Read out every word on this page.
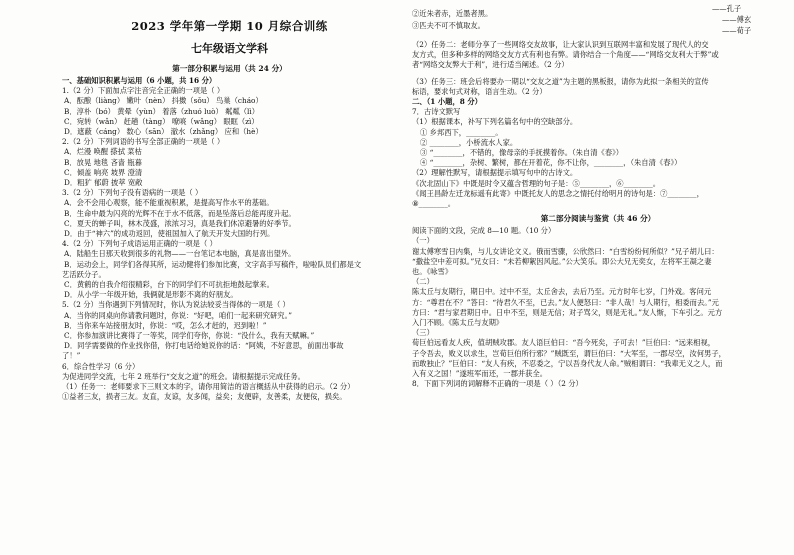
2023 学年第一学期 10 月综合训练
七年级语文学科
第一部分积累与运用（共 24 分）
一、基础知识积累与运用（6 小题，共 16 分）
1.（2 分）下面加点字注音完全正确的一项是（ ）
A．酝酿（liàng） 嫩叶（nèn） 抖擞（sǒu） 鸟巢（cháo）
B．淳朴（bó） 黄晕（yùn） 着落（zhuó luò） 粼粼（lì）
C．宛转（wǎn） 赶趟（tàng） 嘹喨（wǎng） 眼眶（zì）
D．遮蔽（cáng） 数心（sān） 澈水（zhǎng） 应和（hè）
2.（2 分）下列词语的书写全部正确的一项是（ ）
A．烂漫 唤醒 搽拭 菜枯
B．放晃 地毯 吝啬 瓶暮
C．倾盖 响亮 坡界 澄清
D．粗犷 郁蔚 披萃 宽敞
3.（2 分）下列句子没有语病的一项是（ ）
A．会不会用心观察，能不能重视积累，是提高写作水平的基础。
B．生命中最为闪亮的光辉不在于水不低落，而是坠落后总能再度升起。
C．夏天的蝉子叫，林木茂盛，浓浓习习，真是我们休凉避暑的好季节。
D．由于“神六”的成功返回，使祖国加入了航天开发大国的行列。
4.（2 分）下列句子成语运用正确的一项是（ ）
A．陆船生日那天收到很多的礼物——一台笔记本电脑，真是喜出望外。
B．运动会上，同学们各得其所，运动健将们参加比赛，文字高手写稿件，啦啦队员们都是文
艺活跃分子。
C．黄鹤的自我介绍很精彩，台下的同学们不可抗拒地鼓起掌来。
D．从小学一年级开始，我俩就是形影不离的好朋友。
5.（2 分）当你遇到下列情况时，你认为说法较妥当得体的一项是（ ）
A．当你的同桌向你请教问题时，你说：“好吧，咱们一起来研究研究。”
B．当你来车站接朋友时，你说：“哎，怎么才赶的，迟到啦！”
C．你参加演讲比赛得了一等奖，同学们夸你，你说：“没什么，我有天赋嘛。”
D．同学需要做的作业找你借，你打电话给她说你的话：“阿姨，不好意思，前面出事故
了！”
6．综合性学习（6 分）
为促进同学交流，七年 2 班举行“交友之道”的班会。请根据提示完成任务。
（1）任务一：老师要求下三则文本的字，请你用简洁的语言概括从中获得的启示。（2 分）
①益者三友，损者三友。友直，友谅，友多闻，益矣；友便辟，友善柔，友便佞，损矣。
②近朱者赤，近墨者黑。
③匹夫不可不慎取友。
——孔子
——傅玄
——荀子
（2）任务二：老师分享了一些网络交友故事，让大家认识到互联网丰富和发展了现代人的交
友方式，但多种多样的网络交友方式有利也有弊。请你结合一个角度——“网络交友利大于弊”或
者“网络交友弊大于利”，进行适当阐述。（2 分）
（3）任务三：班会后将要办一期以“交友之道”为主题的黑板报，请你为此拟一条相关的宣传
标语，要求句式对称，语言生动。（2 分）
二、（1 小题，8 分）
7．古诗文默写
（1）根据课本，补写下列名篇名句中的空缺部分。
① 乡邦西下，________。
② ________，小桥流水人家。
③ “________，不错的，像母亲的手抚摸着你。（朱自清《春》）
④ “________，杂树、繁树，都在开着花，你不让你，________，（朱自清《春》）
（2）理解性默写，请根据提示填写句中的古诗文。
《次北固山下》中既是时令又蕴含哲理的句子是：⑤________，⑥________。
《闻王昌龄左迁龙标遥有此寄》中既托友人的思念之情托付给明月的诗句是：⑦________，
⑧________。
第二部分阅读与鉴赏（共 46 分）
阅读下面的文段，完成 8—10 题。（10 分）
（一）
谢太傅寒雪日内集，与儿女讲论文义。俄而雪骤，公欣然曰：“白雪纷纷何所似？”兄子胡儿曰：
“撒盐空中差可拟。”兄女曰：“未若柳絮因风起。”公大笑乐。即公大兄无奕女，左将军王凝之妻
也。《咏雪》
（二）
陈太丘与友期行，期日中。过中不至，太丘舍去，去后乃至。元方时年七岁，门外戏。客问元
方：“尊君在不？”答曰：“待君久不至，已去。”友人便怒曰：“非人哉！与人期行，相委而去。”元
方曰：“君与家君期日中。日中不至，则是无信；对子骂父，则是无礼。”友人惭，下车引之。元方
入门不顾。《陈太丘与友期》
（三）
荀巨伯远看友人疾，值胡贼攻郡。友人语巨伯曰：“吾今死矣，子可去！”巨伯曰：“远来相视，
子令吾去，败义以求生，岂荀巨伯所行邪？”贼既至，谓巨伯曰：“大军至，一郡尽空，汝何男子，
而敢独止？”巨伯曰：“友人有疾，不忍委之，宁以吾身代友人命。”贼相谓曰：“我辈无义之人，而
入有义之国！”遂班军而还，一郡并获全。
8．下面下列词的词解释不正确的一项是（ ）（2 分）
